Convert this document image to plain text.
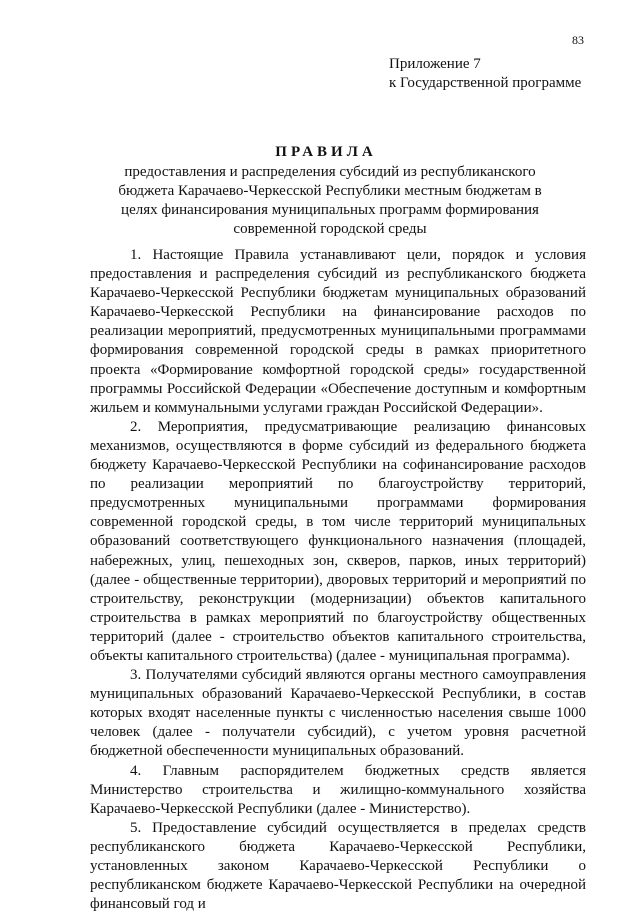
83
Приложение 7
к Государственной программе
ПРАВИЛА
предоставления и распределения субсидий из республиканского бюджета Карачаево-Черкесской Республики местным бюджетам в целях финансирования муниципальных программ формирования современной городской среды

1. Настоящие Правила устанавливают цели, порядок и условия предоставления и распределения субсидий из республиканского бюджета Карачаево-Черкесской Республики бюджетам муниципальных образований Карачаево-Черкесской Республики на финансирование расходов по реализации мероприятий, предусмотренных муниципальными программами формирования современной городской среды в рамках приоритетного проекта «Формирование комфортной городской среды» государственной программы Российской Федерации «Обеспечение доступным и комфортным жильем и коммунальными услугами граждан Российской Федерации».

2. Мероприятия, предусматривающие реализацию финансовых механизмов, осуществляются в форме субсидий из федерального бюджета бюджету Карачаево-Черкесской Республики на софинансирование расходов по реализации мероприятий по благоустройству территорий, предусмотренных муниципальными программами формирования современной городской среды, в том числе территорий муниципальных образований соответствующего функционального назначения (площадей, набережных, улиц, пешеходных зон, скверов, парков, иных территорий) (далее - общественные территории), дворовых территорий и мероприятий по строительству, реконструкции (модернизации) объектов капитального строительства в рамках мероприятий по благоустройству общественных территорий (далее - строительство объектов капитального строительства, объекты капитального строительства) (далее - муниципальная программа).

3. Получателями субсидий являются органы местного самоуправления муниципальных образований Карачаево-Черкесской Республики, в состав которых входят населенные пункты с численностью населения свыше 1000 человек (далее - получатели субсидий), с учетом уровня расчетной бюджетной обеспеченности муниципальных образований.

4. Главным распорядителем бюджетных средств является Министерство строительства и жилищно-коммунального хозяйства Карачаево-Черкесской Республики (далее - Министерство).

5. Предоставление субсидий осуществляется в пределах средств республиканского бюджета Карачаево-Черкесской Республики, установленных законом Карачаево-Черкесской Республики о республиканском бюджете Карачаево-Черкесской Республики на очередной финансовый год и
